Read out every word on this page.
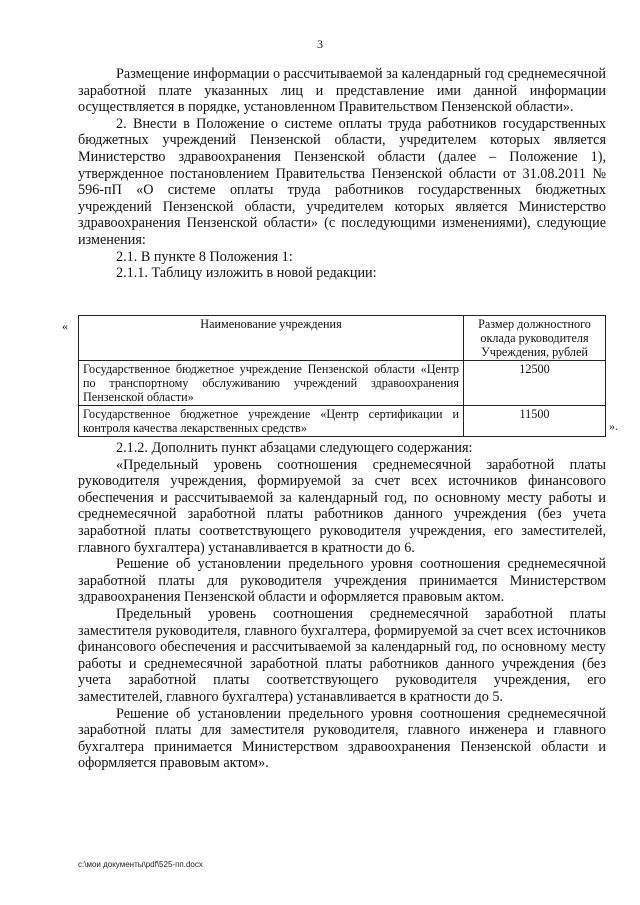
3

Размещение информации о рассчитываемой за календарный год среднемесячной заработной плате указанных лиц и представление ими данной информации осуществляется в порядке, установленном Правительством Пензенской области».

2. Внести в Положение о системе оплаты труда работников государственных бюджетных учреждений Пензенской области, учредителем которых является Министерство здравоохранения Пензенской области (далее – Положение 1), утвержденное постановлением Правительства Пензенской области от 31.08.2011 № 596-пП «О системе оплаты труда работников государственных бюджетных учреждений Пензенской области, учредителем которых является Министерство здравоохранения Пензенской области» (с последующими изменениями), следующие изменения:

2.1. В пункте 8 Положения 1:

2.1.1. Таблицу изложить в новой редакции:

«	Наименование учреждения	Размер должностного оклада руководителя Учреждения, рублей
Государственное бюджетное учреждение Пензенской области «Центр по транспортному обслуживанию учреждений здравоохранения Пензенской области»	12500
Государственное бюджетное учреждение «Центр сертификации и контроля качества лекарственных средств»	11500
».

2.1.2. Дополнить пункт абзацами следующего содержания:

«Предельный уровень соотношения среднемесячной заработной платы руководителя учреждения, формируемой за счет всех источников финансового обеспечения и рассчитываемой за календарный год, по основному месту работы и среднемесячной заработной платы работников данного учреждения (без учета заработной платы соответствующего руководителя учреждения, его заместителей, главного бухгалтера) устанавливается в кратности до 6.

Решение об установлении предельного уровня соотношения среднемесячной заработной платы для руководителя учреждения принимается Министерством здравоохранения Пензенской области и оформляется правовым актом.

Предельный уровень соотношения среднемесячной заработной платы заместителя руководителя, главного бухгалтера, формируемой за счет всех источников финансового обеспечения и рассчитываемой за календарный год, по основному месту работы и среднемесячной заработной платы работников данного учреждения (без учета заработной платы соответствующего руководителя учреждения, его заместителей, главного бухгалтера) устанавливается в кратности до 5.

Решение об установлении предельного уровня соотношения среднемесячной заработной платы для заместителя руководителя, главного инженера и главного бухгалтера принимается Министерством здравоохранения Пензенской области и оформляется правовым актом».

c:\мои документы\pdf\525-пп.docx
